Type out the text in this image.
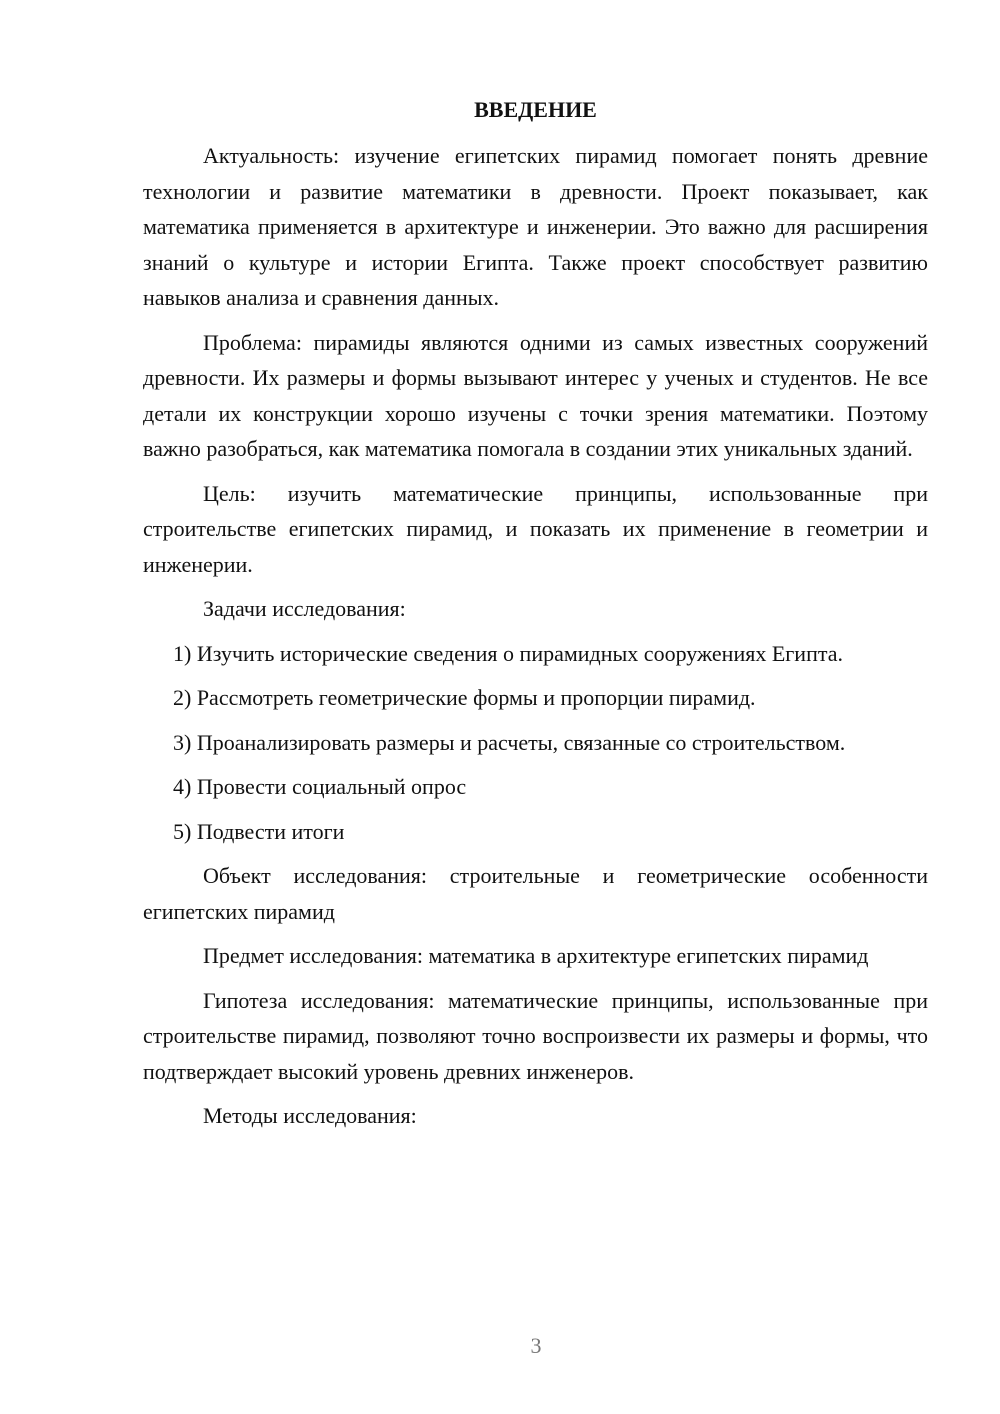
ВВЕДЕНИЕ

Актуальность: изучение египетских пирамид помогает понять древние технологии и развитие математики в древности. Проект показывает, как математика применяется в архитектуре и инженерии. Это важно для расширения знаний о культуре и истории Египта. Также проект способствует развитию навыков анализа и сравнения данных.

Проблема: пирамиды являются одними из самых известных сооружений древности. Их размеры и формы вызывают интерес у ученых и студентов. Не все детали их конструкции хорошо изучены с точки зрения математики. Поэтому важно разобраться, как математика помогала в создании этих уникальных зданий.

Цель: изучить математические принципы, использованные при строительстве египетских пирамид, и показать их применение в геометрии и инженерии.

Задачи исследования:

1) Изучить исторические сведения о пирамидных сооружениях Египта.

2) Рассмотреть геометрические формы и пропорции пирамид.

3) Проанализировать размеры и расчеты, связанные со строительством.

4) Провести социальный опрос

5) Подвести итоги

Объект исследования: строительные и геометрические особенности египетских пирамид

Предмет исследования: математика в архитектуре египетских пирамид

Гипотеза исследования: математические принципы, использованные при строительстве пирамид, позволяют точно воспроизвести их размеры и формы, что подтверждает высокий уровень древних инженеров.

Методы исследования:

3
